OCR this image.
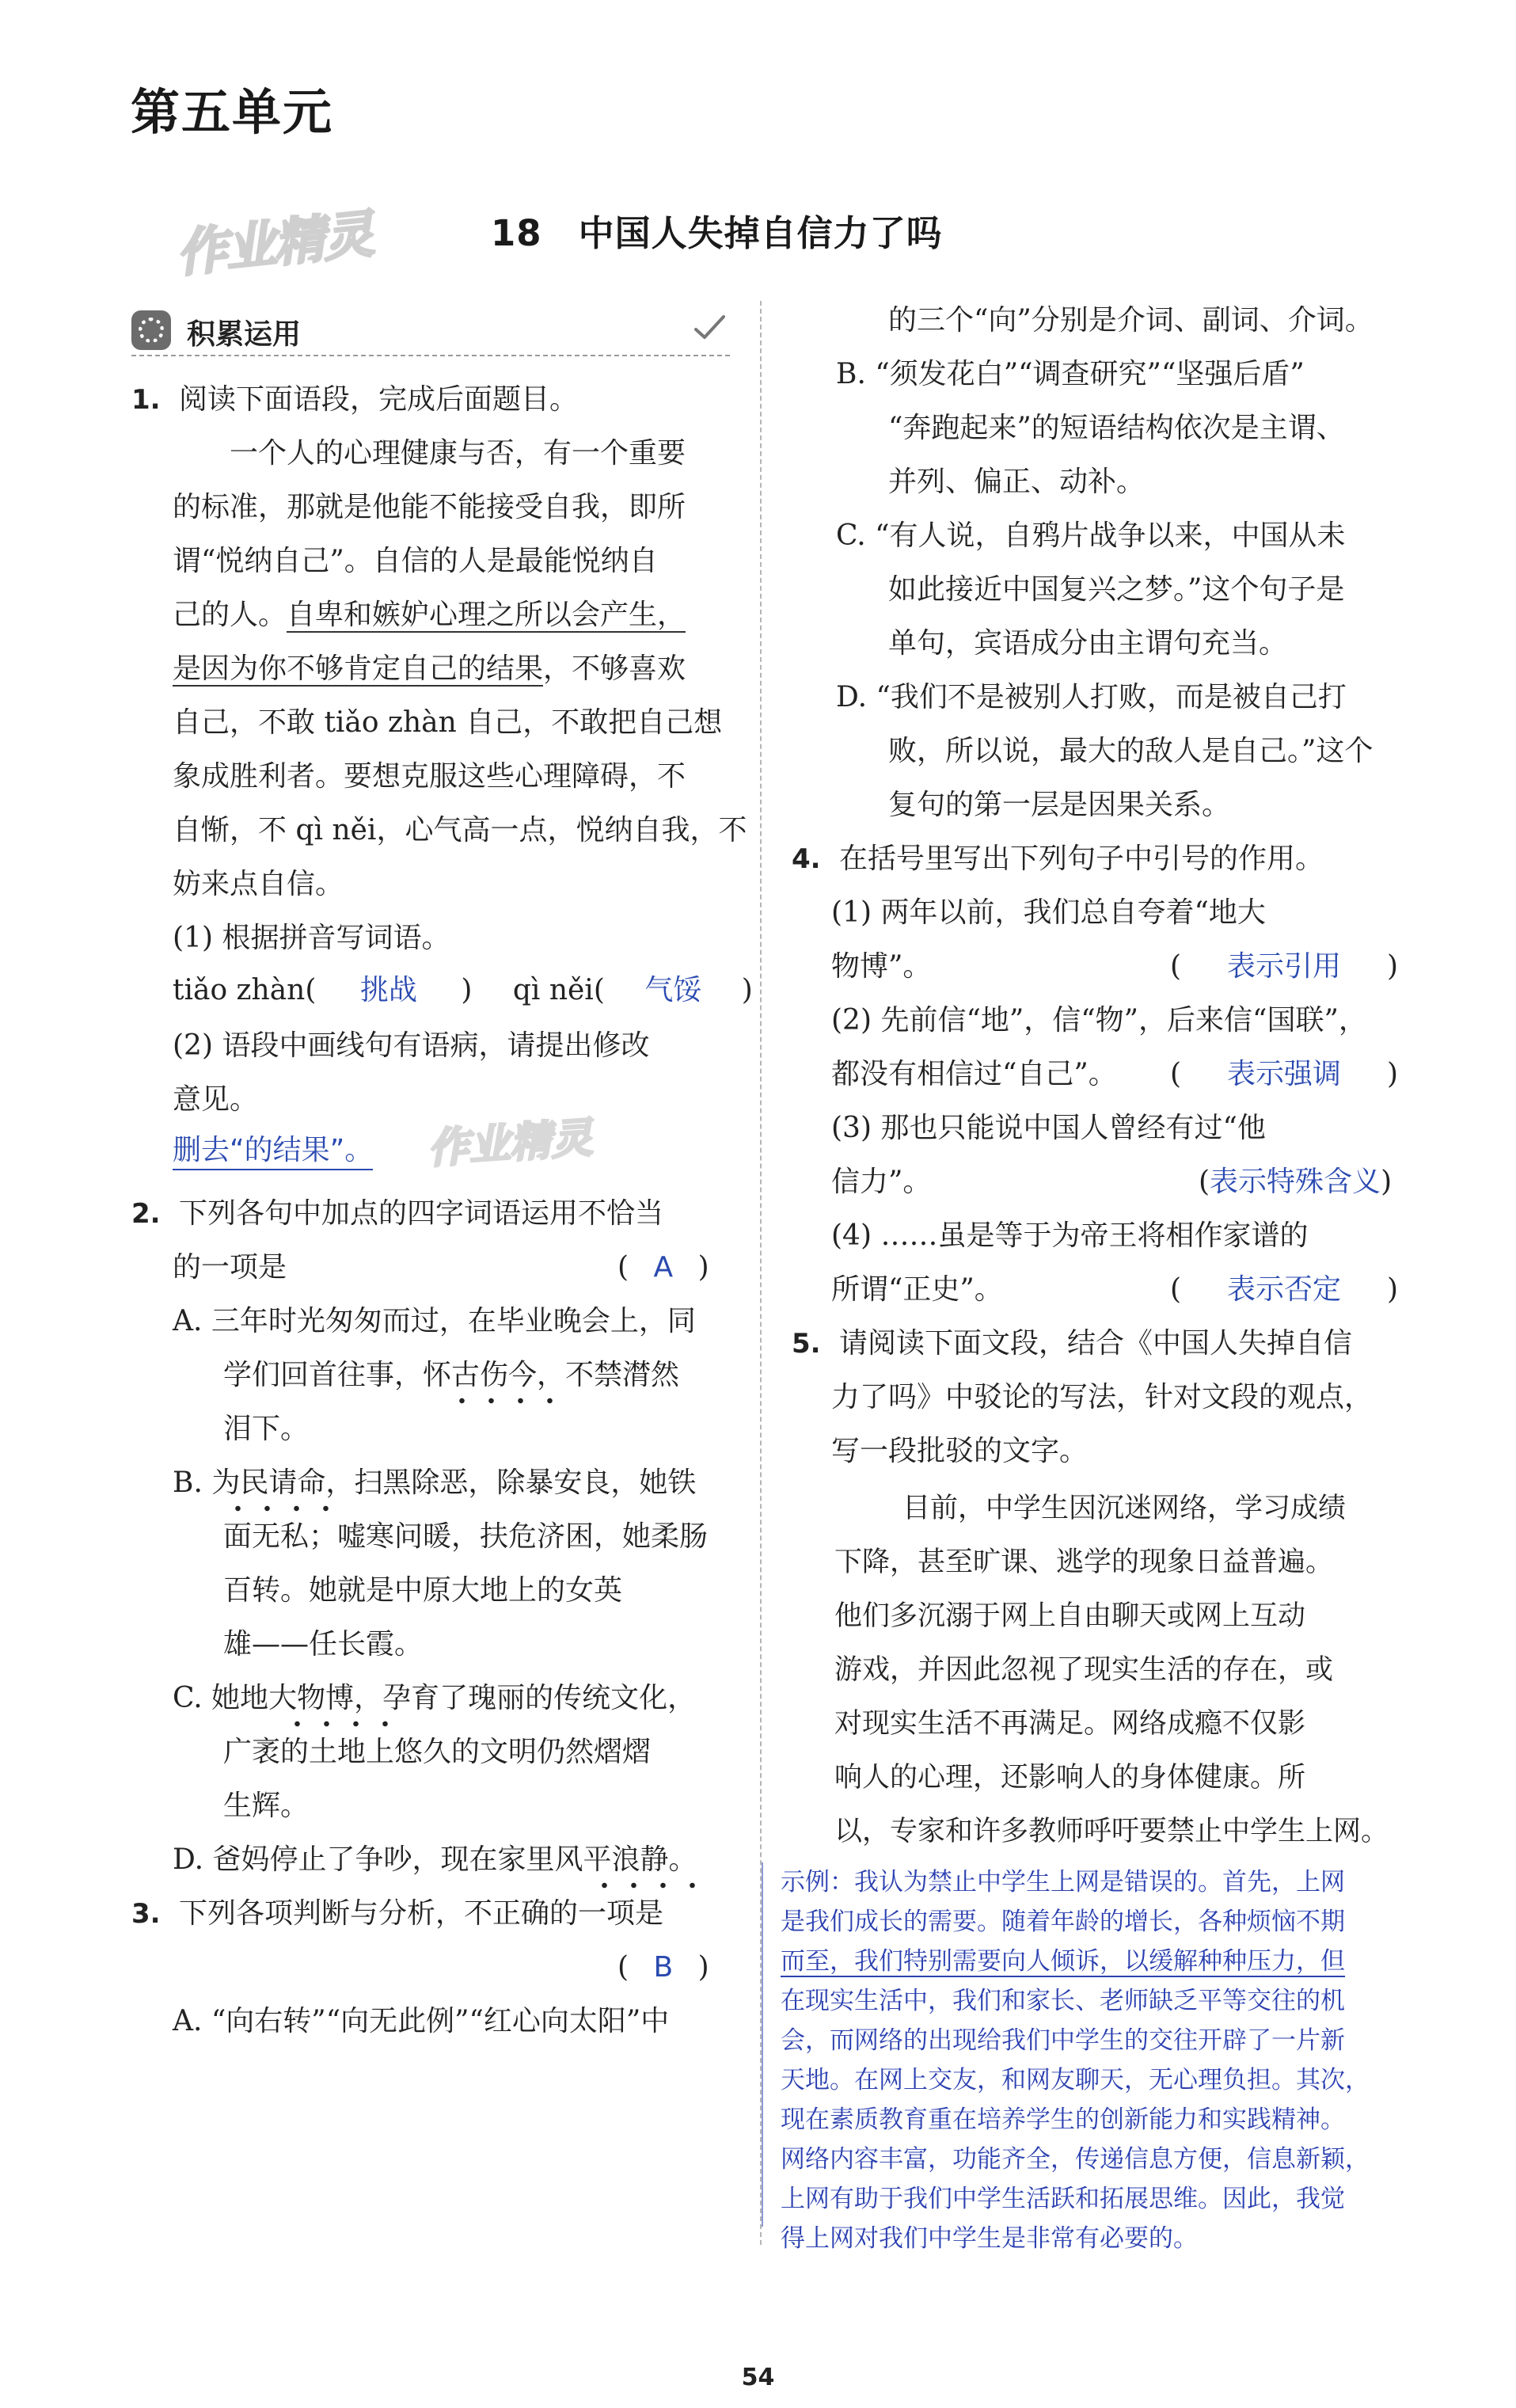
第五单元
作业精灵	18 中国人失掉自信力了吗
积累运用
1. 阅读下面语段，完成后面题目。
一个人的心理健康与否，有一个重要
的标准，那就是他能不能接受自我，即所
谓“悦纳自己”。自信的人是最能悦纳自
己的人。自卑和嫉妒心理之所以会产生，
是因为你不够肯定自己的结果，不够喜欢
自己，不敢 tiǎo zhàn 自己，不敢把自己想
象成胜利者。要想克服这些心理障碍，不
自惭，不 qì něi，心气高一点，悦纳自我，不
妨来点自信。
(1) 根据拼音写词语。
tiǎo zhàn( 挑战 ) qì něi( 气馁 )
(2) 语段中画线句有语病，请提出修改
意见。
删去“的结果”。 作业精灵
2. 下列各句中加点的四字词语运用不恰当
的一项是	( A )
A. 三年时光匆匆而过，在毕业晚会上，同
学们回首往事，怀古伤今，不禁潸然
泪下。
B. 为民请命，扫黑除恶，除暴安良，她铁
面无私；嘘寒问暖，扶危济困，她柔肠
百转。她就是中原大地上的女英
雄——任长霞。
C. 她地大物博，孕育了瑰丽的传统文化，
广袤的土地上悠久的文明仍然熠熠
生辉。
D. 爸妈停止了争吵，现在家里风平浪静。
3. 下列各项判断与分析，不正确的一项是
( B )
A. “向右转”“向无此例”“红心向太阳”中
的三个“向”分别是介词、副词、介词。
B. “须发花白”“调查研究”“坚强后盾”
“奔跑起来”的短语结构依次是主谓、
并列、偏正、动补。
C. “有人说，自鸦片战争以来，中国从未
如此接近中国复兴之梦。”这个句子是
单句，宾语成分由主谓句充当。
D. “我们不是被别人打败，而是被自己打
败，所以说，最大的敌人是自己。”这个
复句的第一层是因果关系。
4. 在括号里写出下列句子中引号的作用。
(1) 两年以前，我们总自夸着“地大
物博”。	( 表示引用 )
(2) 先前信“地”，信“物”，后来信“国联”，
都没有相信过“自己”。 ( 表示强调 )
(3) 那也只能说中国人曾经有过“他
信力”。	(表示特殊含义)
(4) ……虽是等于为帝王将相作家谱的
所谓“正史”。	( 表示否定 )
5. 请阅读下面文段，结合《中国人失掉自信
力了吗》中驳论的写法，针对文段的观点，
写一段批驳的文字。
目前，中学生因沉迷网络，学习成绩
下降，甚至旷课、逃学的现象日益普遍。
他们多沉溺于网上自由聊天或网上互动
游戏，并因此忽视了现实生活的存在，或
对现实生活不再满足。网络成瘾不仅影
响人的心理，还影响人的身体健康。所
以，专家和许多教师呼吁要禁止中学生上网。
示例：我认为禁止中学生上网是错误的。首先，上网
是我们成长的需要。随着年龄的增长，各种烦恼不期
而至，我们特别需要向人倾诉，以缓解种种压力，但
在现实生活中，我们和家长、老师缺乏平等交往的机
会，而网络的出现给我们中学生的交往开辟了一片新
天地。在网上交友，和网友聊天，无心理负担。其次，
现在素质教育重在培养学生的创新能力和实践精神。
网络内容丰富，功能齐全，传递信息方便，信息新颖，
上网有助于我们中学生活跃和拓展思维。因此，我觉
得上网对我们中学生是非常有必要的。
54
